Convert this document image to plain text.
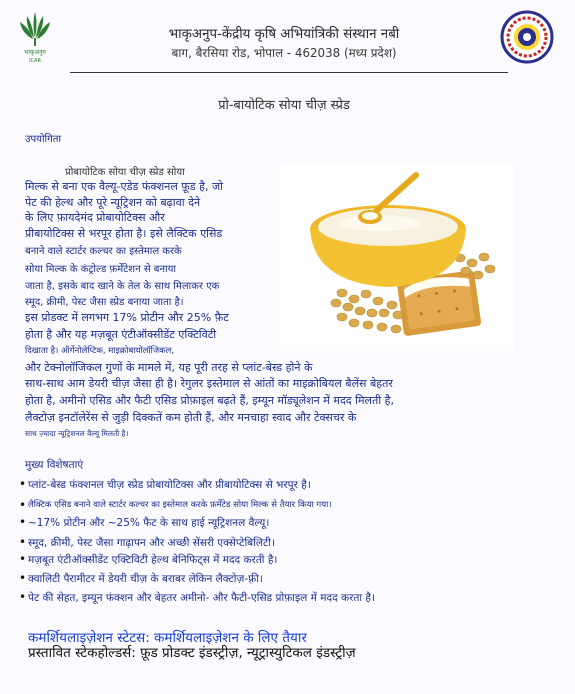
भाकृअनुप
ICAR
भाकृअनुप-केंद्रीय कृषि अभियांत्रिकी संस्थान नबी
बाग, बैरसिया रोड, भोपाल - 462038 (मध्य प्रदेश)
प्रो-बायोटिक सोया चीज़ स्प्रेड
उपयोगिता
प्रोबायोटिक सोया चीज़ स्प्रेड सोया
मिल्क से बना एक वैल्यू-एडेड फंक्शनल फ़ूड है, जो
पेट की हेल्थ और पूरे न्यूट्रिशन को बढ़ावा देने
के लिए फ़ायदेमंद प्रोबायोटिक्स और
प्रीबायोटिक्स से भरपूर होता है। इसे लैक्टिक एसिड
बनाने वाले स्टार्टर कल्चर का इस्तेमाल करके
सोया मिल्क के कंट्रोल्ड फ़र्मेंटेशन से बनाया
जाता है, इसके बाद खाने के तेल के साथ मिलाकर एक
स्मूद, क्रीमी, पेस्ट जैसा स्प्रेड बनाया जाता है।
इस प्रोडक्ट में लगभग 17% प्रोटीन और 25% फ़ैट
होता है और यह मज़बूत एंटीऑक्सीडेंट एक्टिविटी
दिखाता है। ऑर्गेनोलेप्टिक, माइक्रोबायोलॉजिकल,
और टेक्नोलॉजिकल गुणों के मामले में, यह पूरी तरह से प्लांट-बेस्ड होने के
साथ-साथ आम डेयरी चीज़ जैसा ही है। रेगुलर इस्तेमाल से आंतों का माइक्रोबियल बैलेंस बेहतर
होता है, अमीनो एसिड और फैटी एसिड प्रोफ़ाइल बढ़ते हैं, इम्यून मॉड्यूलेशन में मदद मिलती है,
लैक्टोज़ इनटॉलेरेंस से जुड़ी दिक्कतें कम होती हैं, और मनचाहा स्वाद और टेक्सचर के
साथ ज़्यादा न्यूट्रिशनल वैल्यू मिलती है।
मुख्य विशेषताएं
• प्लांट-बेस्ड फंक्शनल चीज़ स्प्रेड प्रोबायोटिक्स और प्रीबायोटिक्स से भरपूर है।
• लैक्टिक एसिड बनाने वाले स्टार्टर कल्चर का इस्तेमाल करके फ़र्मेंटेड सोया मिल्क से तैयार किया गया।
• ~17% प्रोटीन और ~25% फैट के साथ हाई न्यूट्रिशनल वैल्यू।
• स्मूद, क्रीमी, पेस्ट जैसा गाढ़ापन और अच्छी सेंसरी एक्सेप्टेबिलिटी।
• मज़बूत एंटीऑक्सीडेंट एक्टिविटी हेल्थ बेनिफिट्स में मदद करती है।
• क्वालिटी पैरामीटर में डेयरी चीज़ के बराबर लेकिन लैक्टोज़-फ़्री।
• पेट की सेहत, इम्यून फंक्शन और बेहतर अमीनो- और फैटी-एसिड प्रोफ़ाइल में मदद करता है।
कमर्शियलाइज़ेशन स्टेटस: कमर्शियलाइज़ेशन के लिए तैयार
प्रस्तावित स्टेकहोल्डर्स: फ़ूड प्रोडक्ट इंडस्ट्रीज़, न्यूट्रास्युटिकल इंडस्ट्रीज़
